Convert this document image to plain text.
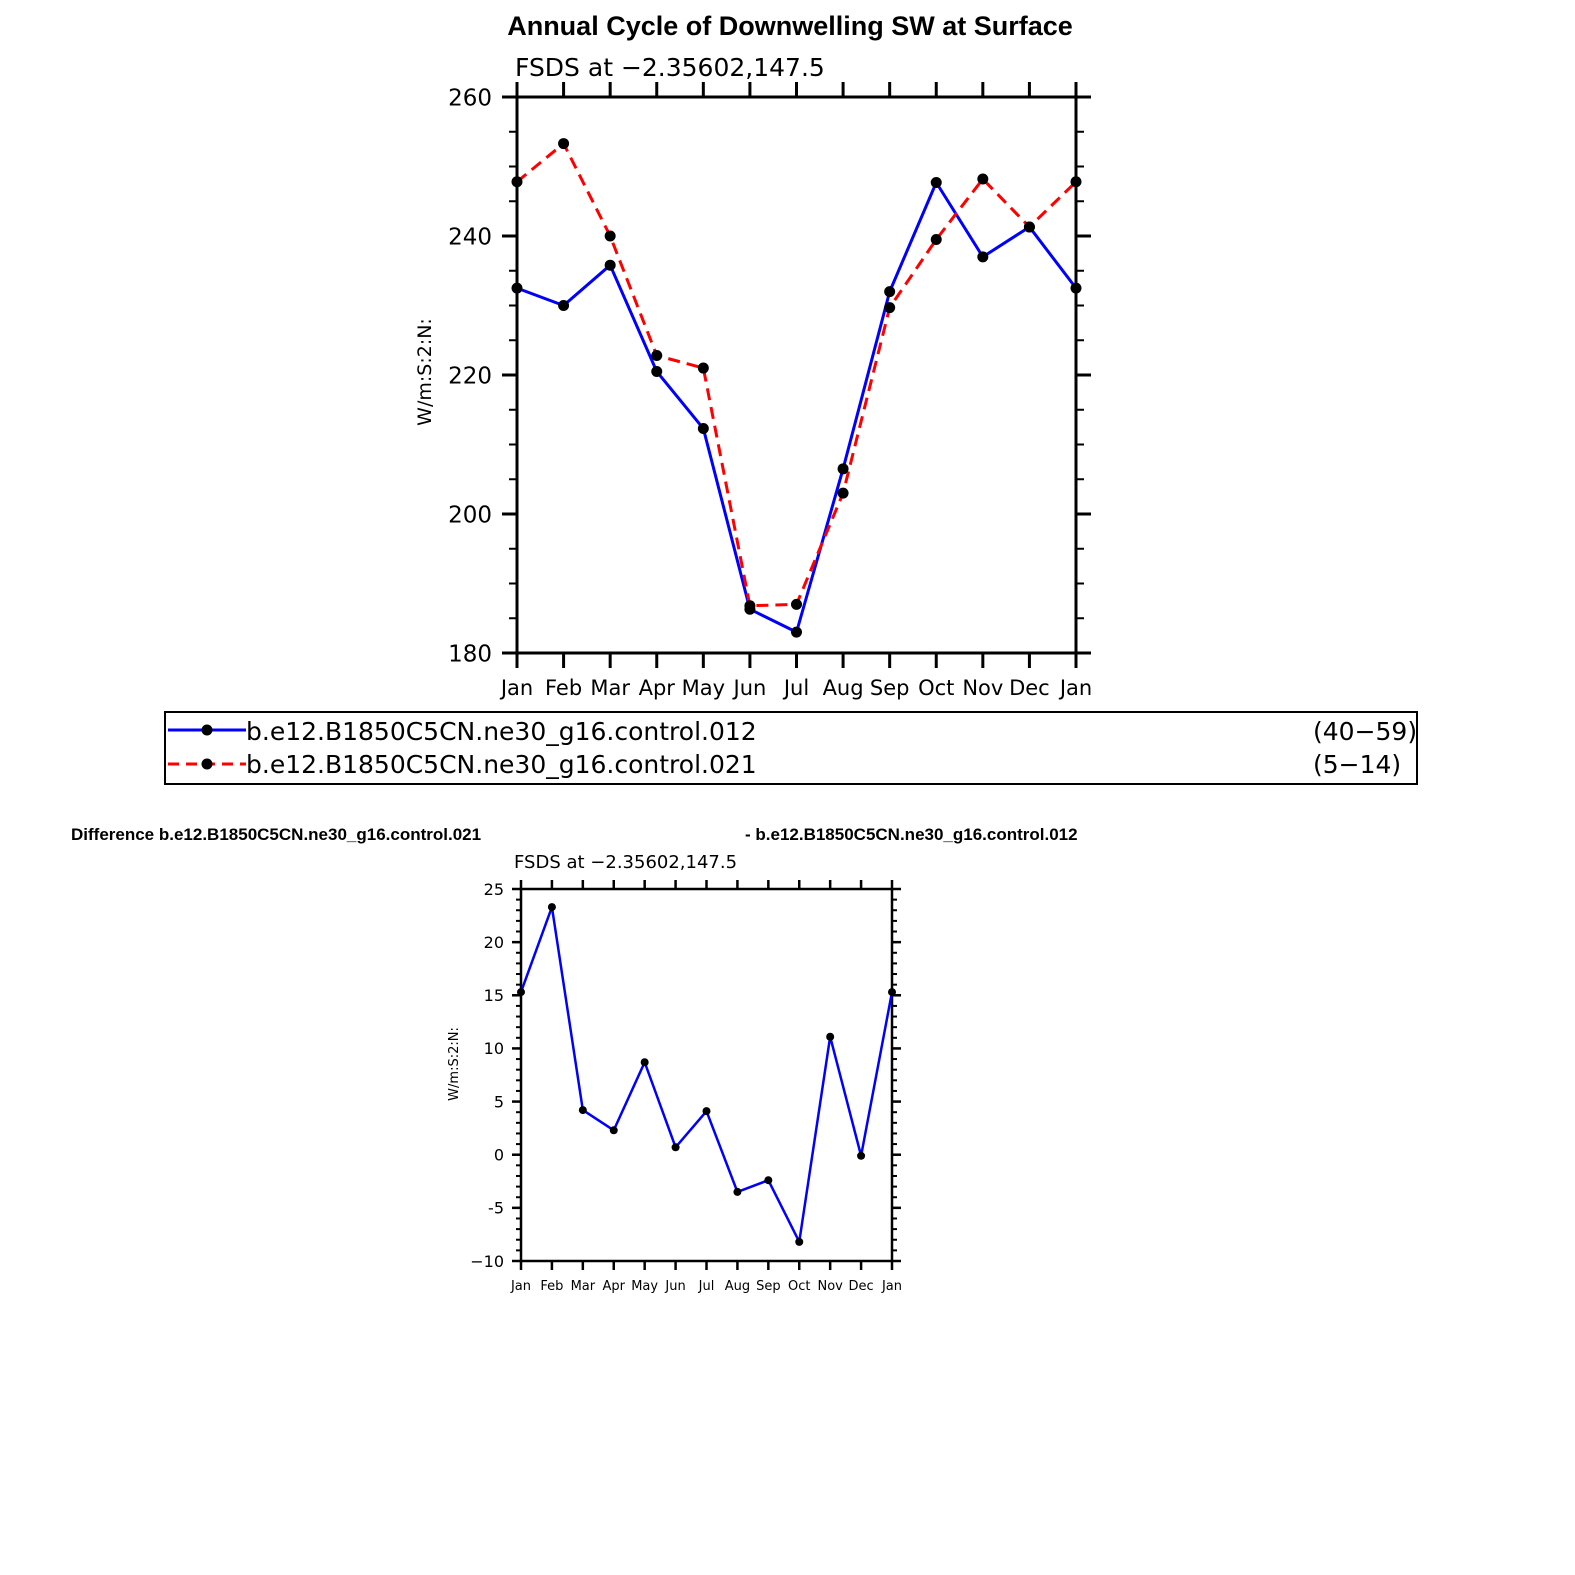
Annual Cycle of Downwelling SW at Surface
FSDS at −2.35602,147.5
W/m:S:2:N:
180
200
220
240
260
Jan Feb Mar Apr May Jun Jul Aug Sep Oct Nov Dec Jan
b.e12.B1850C5CN.ne30_g16.control.012	(40−59)
b.e12.B1850C5CN.ne30_g16.control.021	(5−14)
Difference b.e12.B1850C5CN.ne30_g16.control.021	- b.e12.B1850C5CN.ne30_g16.control.012
FSDS at −2.35602,147.5
W/m:S:2:N:
−10
-5
0
5
10
15
20
25
Jan Feb Mar Apr May Jun Jul Aug Sep Oct Nov Dec Jan
